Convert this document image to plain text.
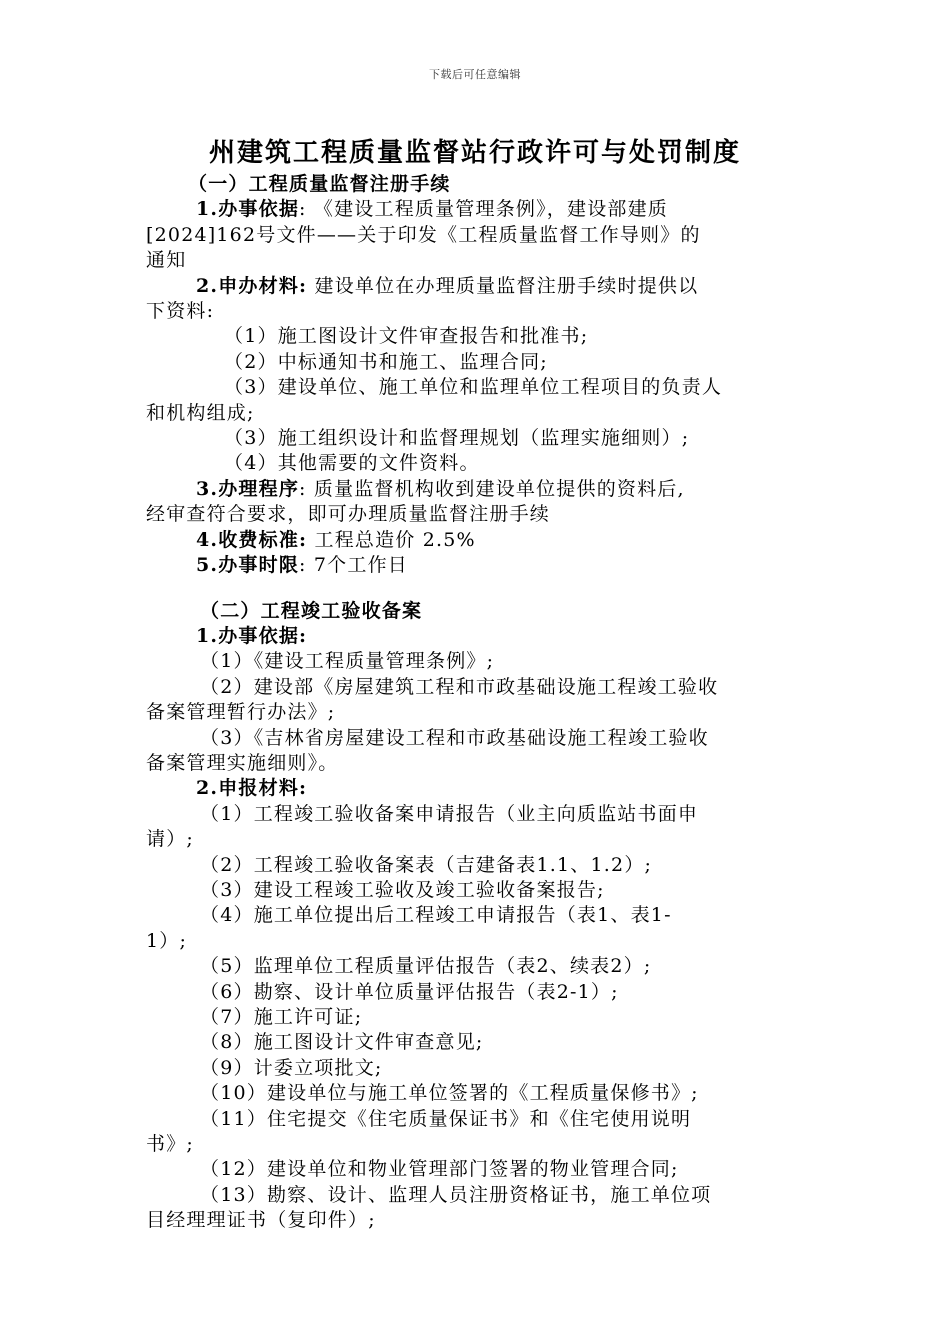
下载后可任意编辑
州建筑工程质量监督站行政许可与处罚制度
（一）工程质量监督注册手续
1.办事依据: 《建设工程质量管理条例》，建设部建质
[2024]162号文件——关于印发《工程质量监督工作导则》的
通知
2.申办材料: 建设单位在办理质量监督注册手续时提供以
下资料:
（1）施工图设计文件审查报告和批准书;
（2）中标通知书和施工、监理合同;
（3）建设单位、施工单位和监理单位工程项目的负责人
和机构组成;
（3）施工组织设计和监督理规划（监理实施细则）;
（4）其他需要的文件资料。
3.办理程序: 质量监督机构收到建设单位提供的资料后,
经审查符合要求，即可办理质量监督注册手续
4.收费标准: 工程总造价 2.5%
5.办事时限: 7个工作日
（二）工程竣工验收备案
1.办事依据:
（1）《建设工程质量管理条例》;
（2）建设部《房屋建筑工程和市政基础设施工程竣工验收
备案管理暂行办法》;
（3）《吉林省房屋建设工程和市政基础设施工程竣工验收
备案管理实施细则》。
2.申报材料:
（1）工程竣工验收备案申请报告（业主向质监站书面申
请）;
（2）工程竣工验收备案表（吉建备表1.1、1.2）;
（3）建设工程竣工验收及竣工验收备案报告;
（4）施工单位提出后工程竣工申请报告（表1、表1-
1）;
（5）监理单位工程质量评估报告（表2、续表2）;
（6）勘察、设计单位质量评估报告（表2-1）;
（7）施工许可证;
（8）施工图设计文件审查意见;
（9）计委立项批文;
（10）建设单位与施工单位签署的《工程质量保修书》;
（11）住宅提交《住宅质量保证书》和《住宅使用说明
书》;
（12）建设单位和物业管理部门签署的物业管理合同;
（13）勘察、设计、监理人员注册资格证书，施工单位项
目经理理证书（复印件）;
